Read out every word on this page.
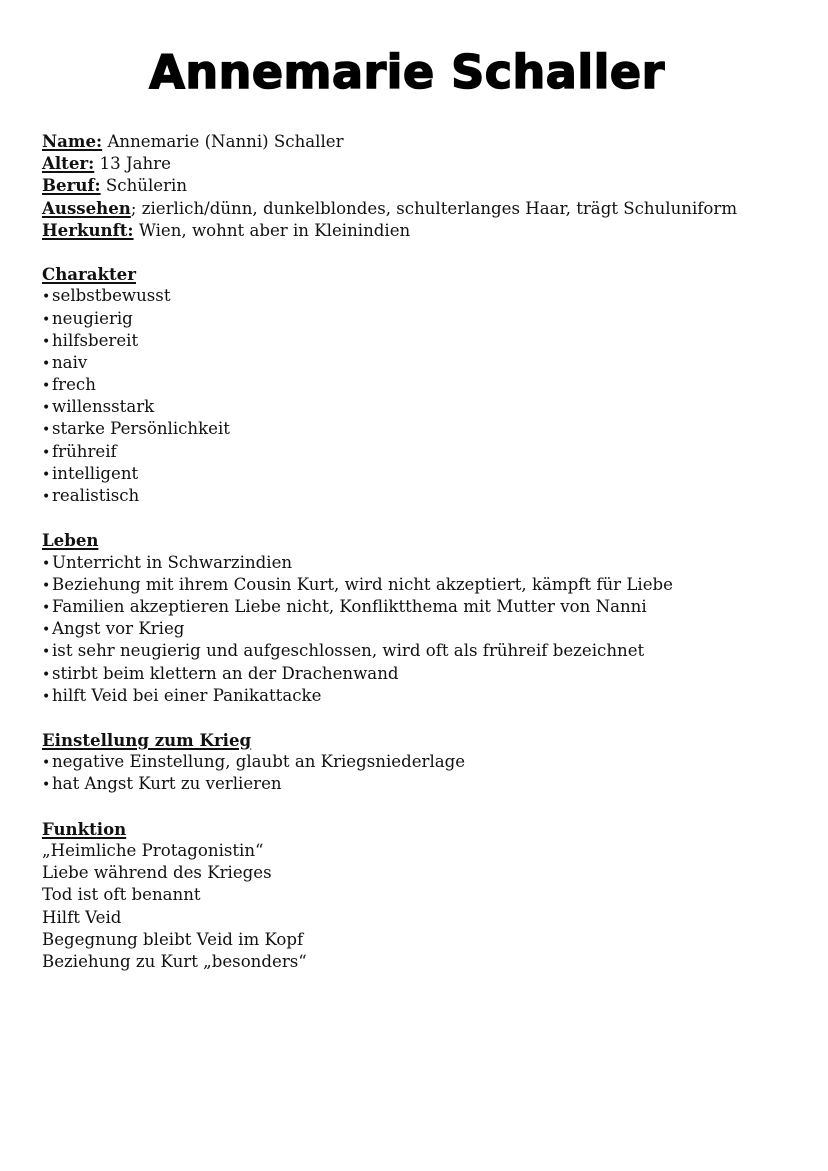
Annemarie Schaller
Name: Annemarie (Nanni) Schaller
Alter: 13 Jahre
Beruf: Schülerin
Aussehen; zierlich/dünn, dunkelblondes, schulterlanges Haar, trägt Schuluniform
Herkunft: Wien, wohnt aber in Kleinindien
Charakter
• selbstbewusst
• neugierig
• hilfsbereit
• naiv
• frech
• willensstark
• starke Persönlichkeit
• frühreif
• intelligent
• realistisch
Leben
• Unterricht in Schwarzindien
• Beziehung mit ihrem Cousin Kurt, wird nicht akzeptiert, kämpft für Liebe
• Familien akzeptieren Liebe nicht, Konfliktthema mit Mutter von Nanni
• Angst vor Krieg
• ist sehr neugierig und aufgeschlossen, wird oft als frühreif bezeichnet
• stirbt beim klettern an der Drachenwand
• hilft Veid bei einer Panikattacke
Einstellung zum Krieg
• negative Einstellung, glaubt an Kriegsniederlage
• hat Angst Kurt zu verlieren
Funktion
„Heimliche Protagonistin“
Liebe während des Krieges
Tod ist oft benannt
Hilft Veid
Begegnung bleibt Veid im Kopf
Beziehung zu Kurt „besonders“
